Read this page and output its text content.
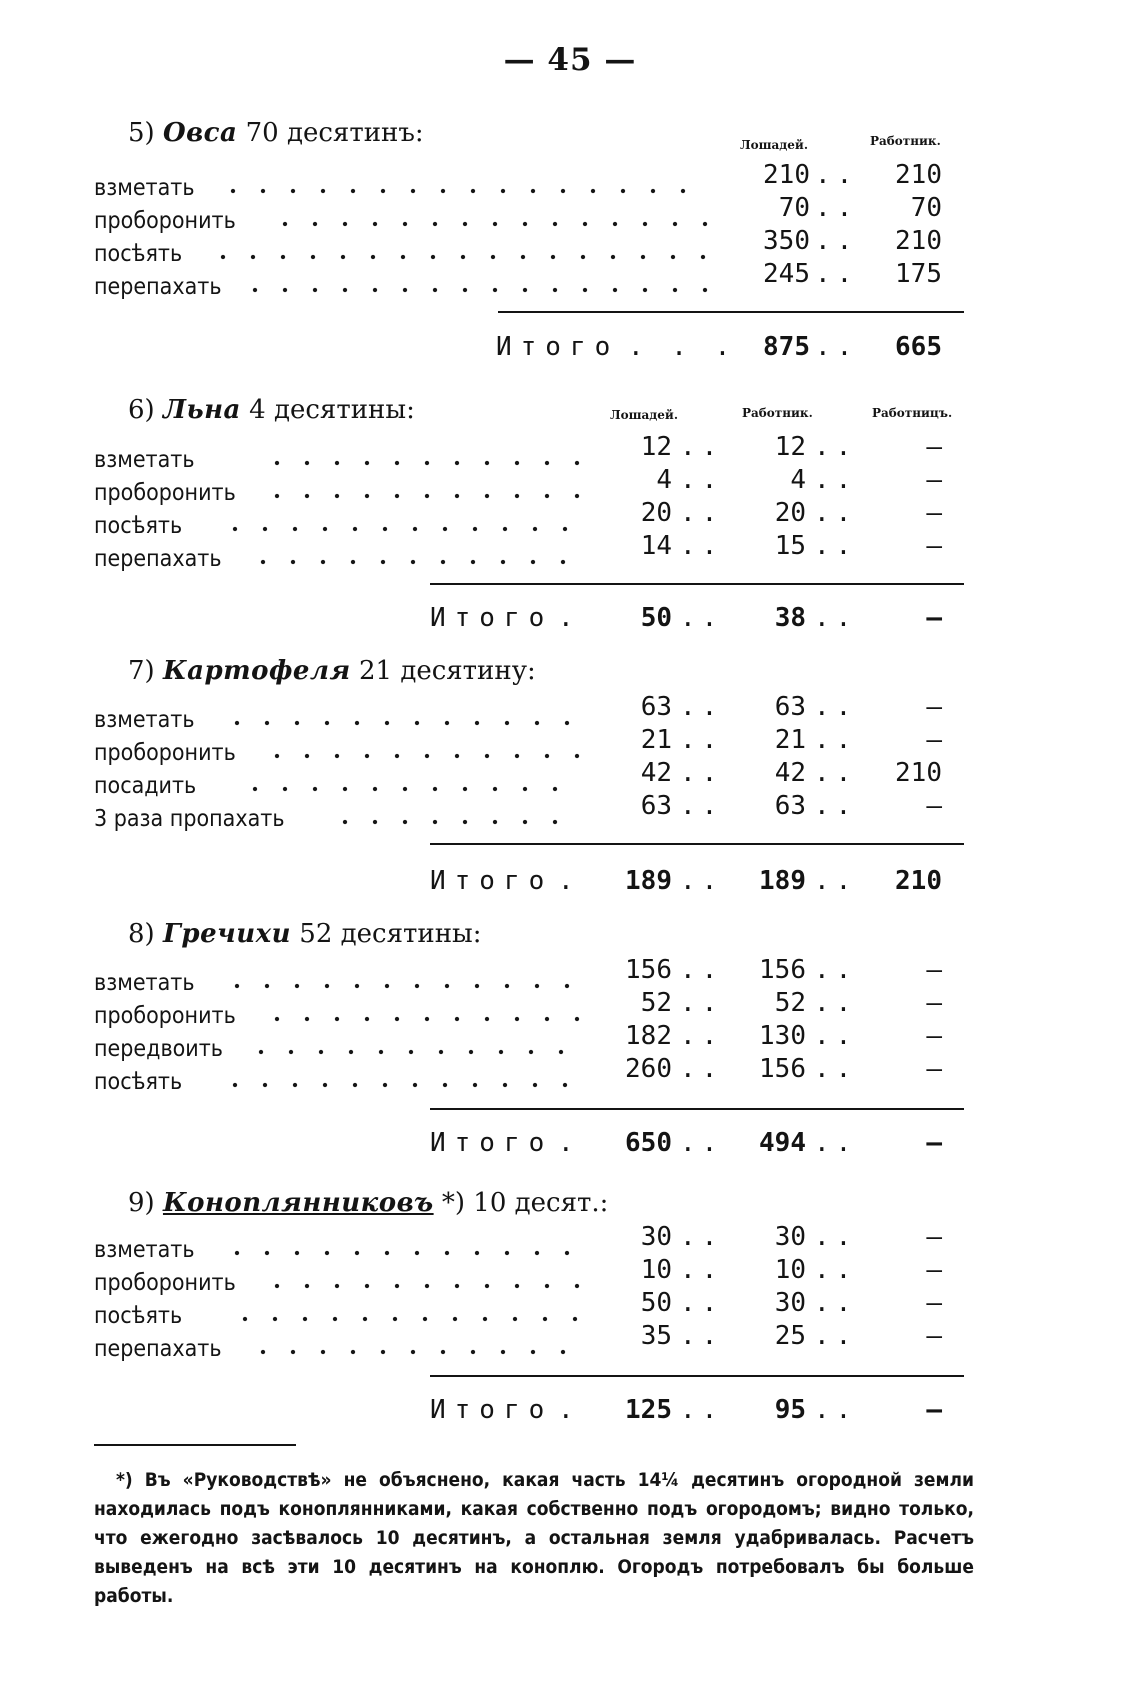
— 45 —
5) Овса 70 десятинъ:	Лошадей.	Работник.
взметать	210 ..	210
проборонить	70 ..	70
посѣять	350 ..	210
перепахать	245 ..	175
Итого . . .	875 ..	665
6) Льна 4 десятины:	Лошадей.	Работник.	Работницъ.
взметать	12 ..	12 ..	—
проборонить	4 ..	4 ..	—
посѣять	20 ..	20 ..	—
перепахать	14 ..	15 ..	—
Итого .	50 ..	38 ..	—
7) Картофеля 21 десятину:
взметать	63 ..	63 ..	—
проборонить	21 ..	21 ..	—
посадить	42 ..	42 ..	210
3 раза пропахать	63 ..	63 ..	—
Итого .	189 ..	189 ..	210
8) Гречихи 52 десятины:
взметать	156 ..	156 ..	—
проборонить	52 ..	52 ..	—
передвоить	182 ..	130 ..	—
посѣять	260 ..	156 ..	—
Итого .	650 ..	494 ..	—
9) Коноплянниковъ *) 10 десят.:
взметать	30 ..	30 ..	—
проборонить	10 ..	10 ..	—
посѣять	50 ..	30 ..	—
перепахать	35 ..	25 ..	—
Итого .	125 ..	95 ..	—
*) Въ «Руководствѣ» не объяснено, какая часть 14¼ десятинъ огородной земли находилась подъ коноплянниками, какая собственно подъ огородомъ; видно только, что ежегодно засѣвалось 10 десятинъ, а остальная земля удабривалась. Расчетъ выведенъ на всѣ эти 10 десятинъ на коноплю. Огородъ потребовалъ бы больше работы.
